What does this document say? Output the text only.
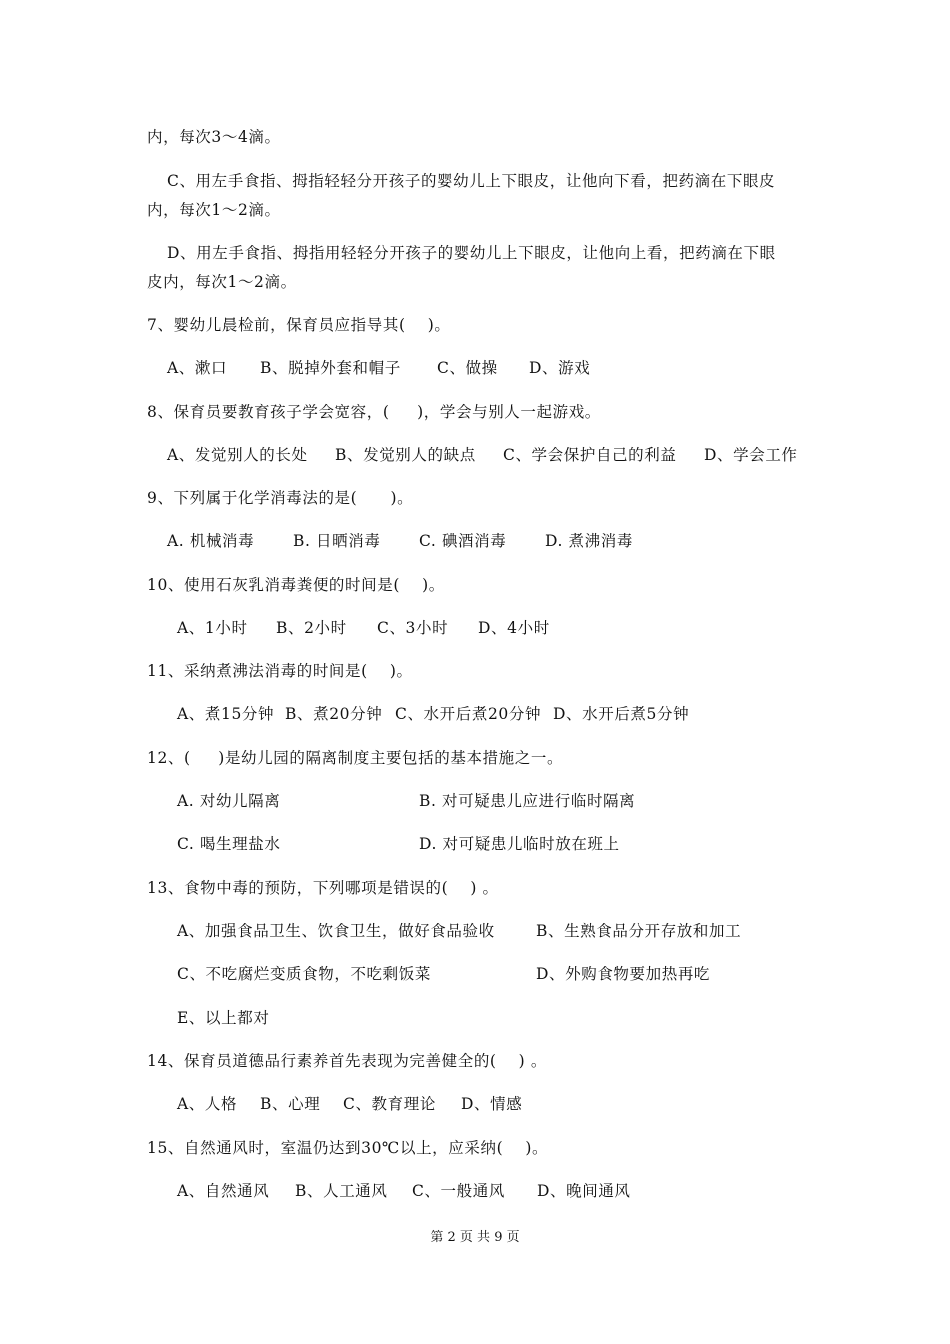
内，每次3～4滴。
C、用左手食指、拇指轻轻分开孩子的婴幼儿上下眼皮，让他向下看，把药滴在下眼皮
内，每次1～2滴。
D、用左手食指、拇指用轻轻分开孩子的婴幼儿上下眼皮，让他向上看，把药滴在下眼
皮内，每次1～2滴。
7、婴幼儿晨检前，保育员应指导其(    )。
A、漱口 B、脱掉外套和帽子 C、做操 D、游戏
8、保育员要教育孩子学会宽容，(     )，学会与别人一起游戏。
A、发觉别人的长处 B、发觉别人的缺点 C、学会保护自己的利益 D、学会工作
9、下列属于化学消毒法的是(      )。
A. 机械消毒	B. 日晒消毒 C. 碘酒消毒 D. 煮沸消毒
10、使用石灰乳消毒粪便的时间是(    )。
A、1小时 B、2小时 C、3小时 D、4小时
11、采纳煮沸法消毒的时间是(    )。
A、煮15分钟 B、煮20分钟 C、水开后煮20分钟 D、水开后煮5分钟
12、(     )是幼儿园的隔离制度主要包括的基本措施之一。
A. 对幼儿隔离	B. 对可疑患儿应进行临时隔离
C. 喝生理盐水	D. 对可疑患儿临时放在班上
13、食物中毒的预防，下列哪项是错误的(    ) 。
A、加强食品卫生、饮食卫生，做好食品验收	B、生熟食品分开存放和加工
C、不吃腐烂变质食物，不吃剩饭菜	D、外购食物要加热再吃
E、以上都对
14、保育员道德品行素养首先表现为完善健全的(    ) 。
A、人格 B、心理 C、教育理论 D、情感
15、自然通风时，室温仍达到30℃以上，应采纳(    )。
A、自然通风 B、人工通风 C、一般通风 D、晚间通风
第 2 页 共 9 页
